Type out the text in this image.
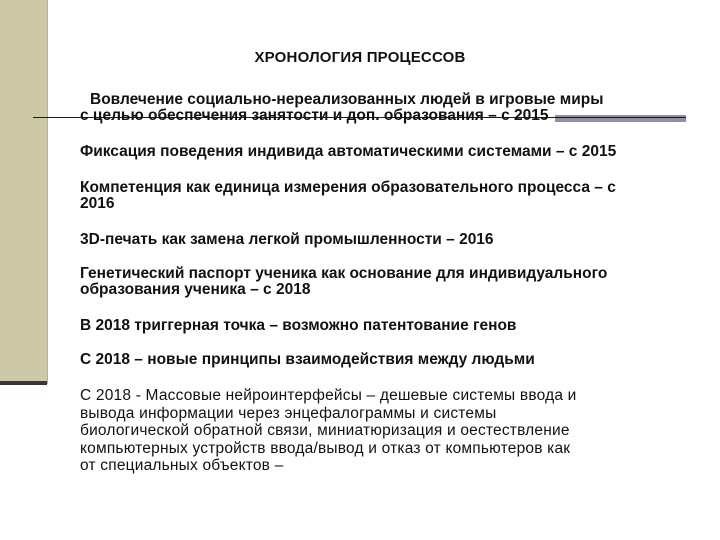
ХРОНОЛОГИЯ ПРОЦЕССОВ
Вовлечение социально-нереализованных людей в игровые миры
с целью обеспечения занятости и доп. образования – с 2015
Фиксация поведения индивида автоматическими системами – с 2015
Компетенция как единица измерения образовательного процесса – с
2016
3D-печать как замена легкой промышленности – 2016
Генетический паспорт ученика как основание для индивидуального
образования ученика – с 2018
В 2018 триггерная точка – возможно патентование генов
С 2018 – новые принципы взаимодействия между людьми
С 2018 - Массовые нейроинтерфейсы – дешевые системы ввода и
вывода информации через энцефалограммы и системы
биологической обратной связи, миниатюризация и оестествление
компьютерных устройств ввода/вывод и отказ от компьютеров как
от специальных объектов –
